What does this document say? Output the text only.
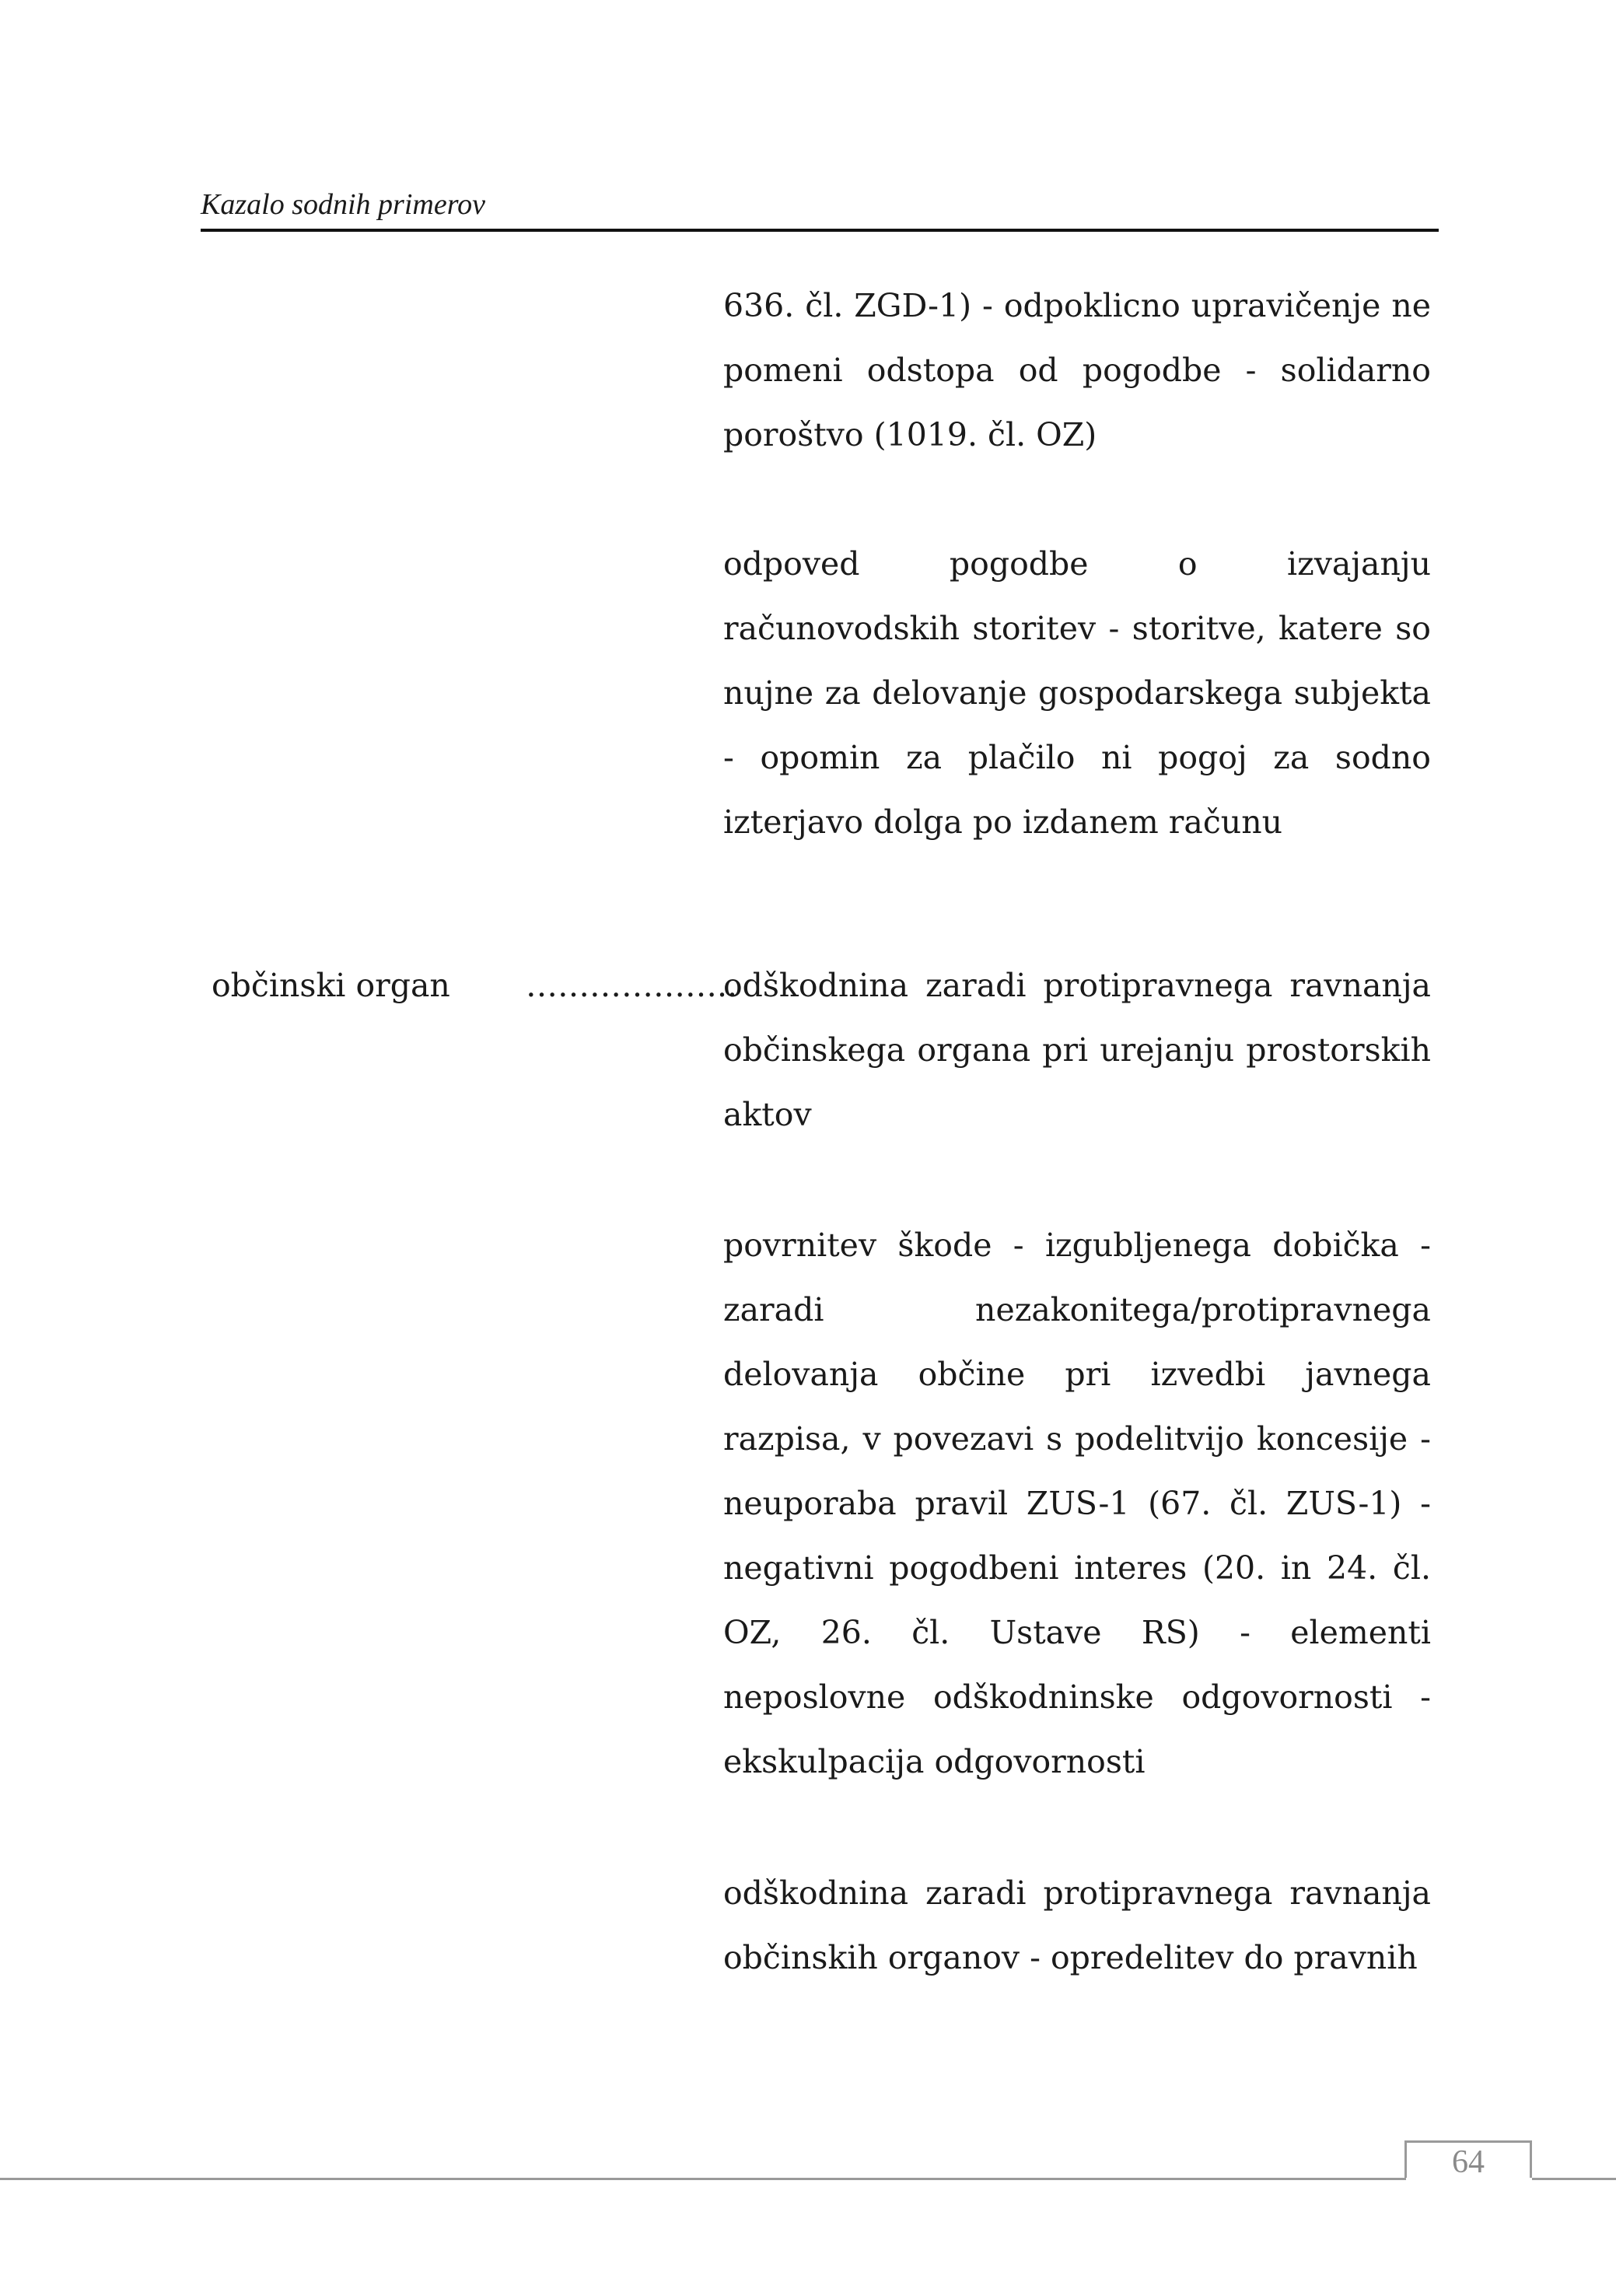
Kazalo sodnih primerov

636. čl. ZGD-1) - odpoklicno upravičenje ne pomeni odstopa od pogodbe - solidarno poroštvo (1019. čl. OZ)

odpoved pogodbe o izvajanju računovodskih storitev - storitve, katere so nujne za delovanje gospodarskega subjekta - opomin za plačilo ni pogoj za sodno izterjavo dolga po izdanem računu

občinski organ ………………..

odškodnina zaradi protipravnega ravnanja občinskega organa pri urejanju prostorskih aktov

povrnitev škode - izgubljenega dobička - zaradi nezakonitega/protipravnega delovanja občine pri izvedbi javnega razpisa, v povezavi s podelitvijo koncesije - neuporaba pravil ZUS-1 (67. čl. ZUS-1) - negativni pogodbeni interes (20. in 24. čl. OZ, 26. čl. Ustave RS) - elementi neposlovne odškodninske odgovornosti - ekskulpacija odgovornosti

odškodnina zaradi protipravnega ravnanja občinskih organov - opredelitev do pravnih

64
